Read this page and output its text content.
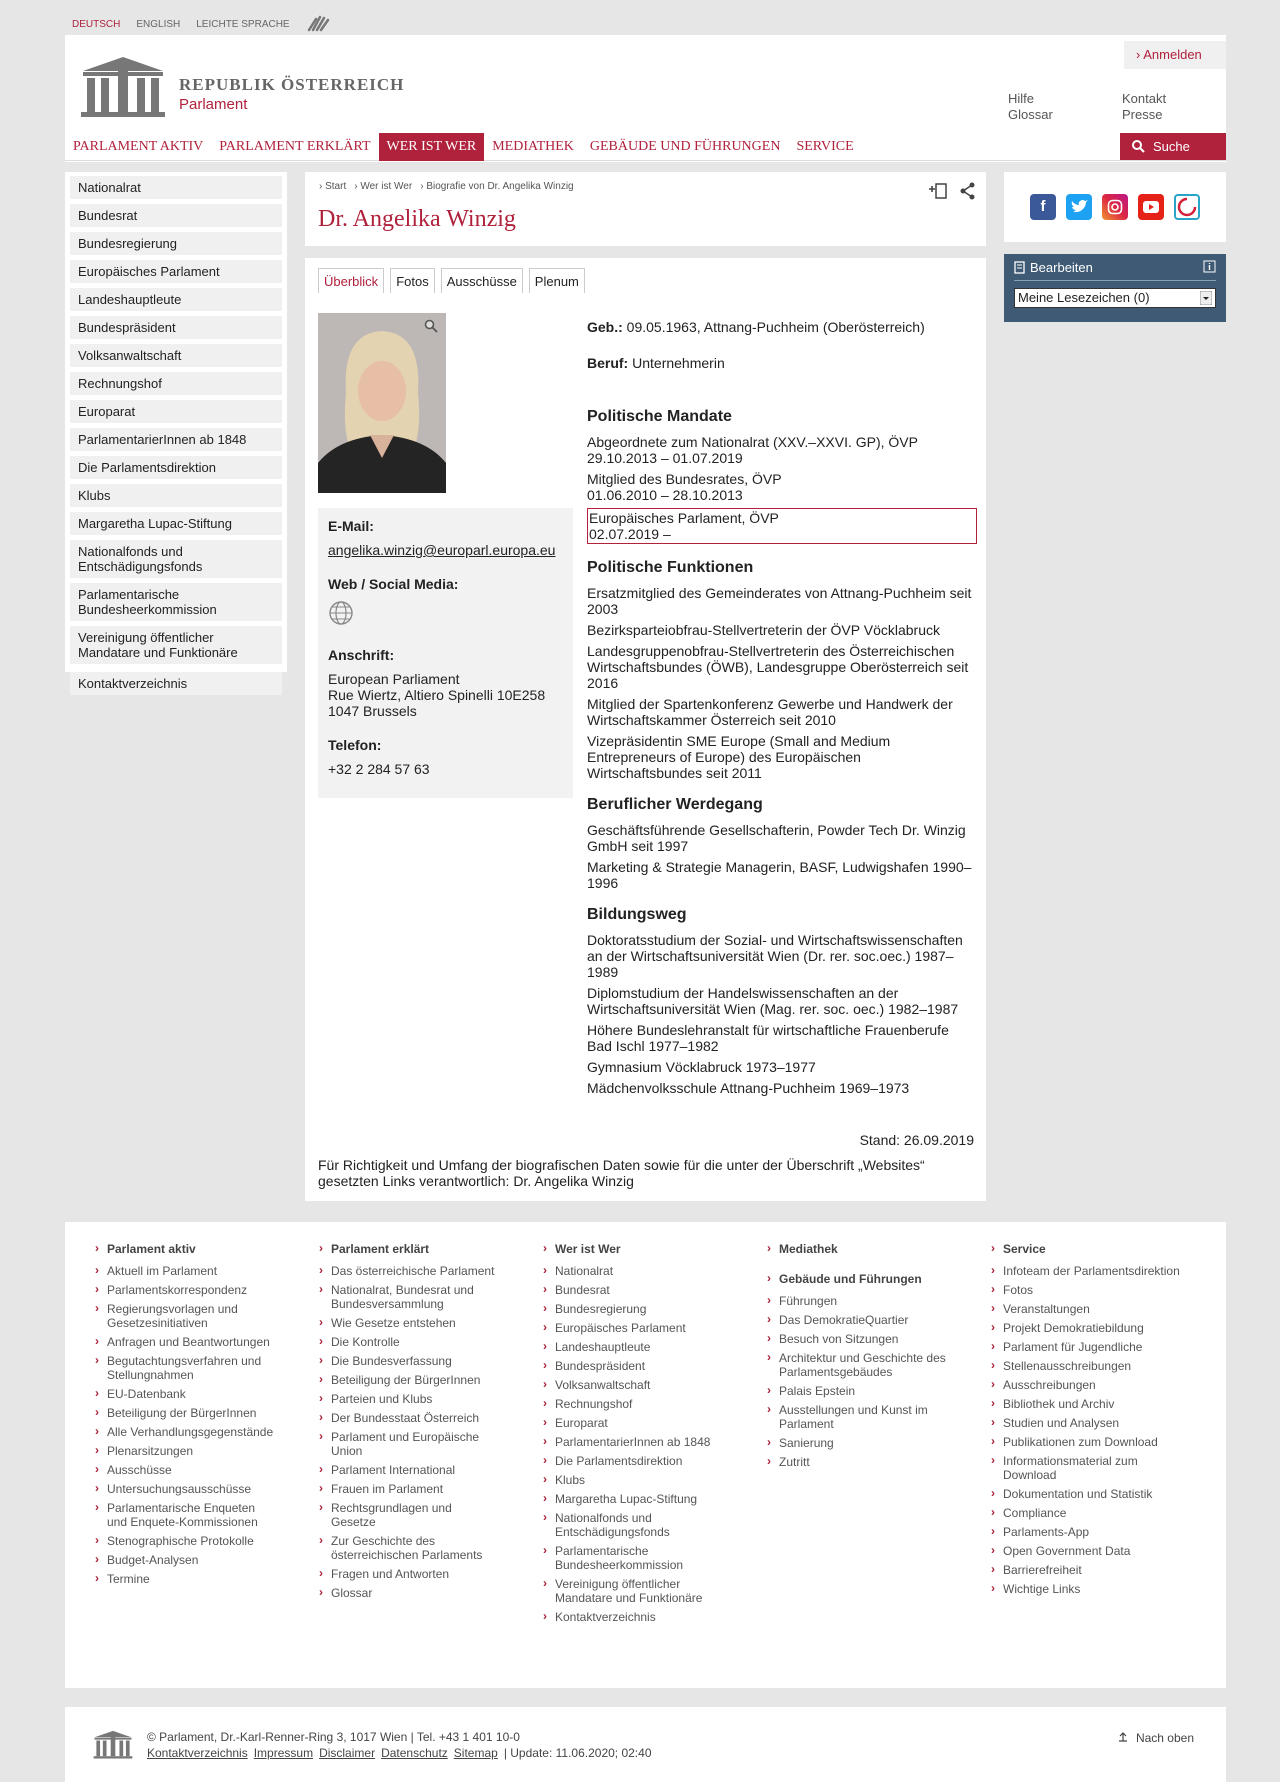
DEUTSCH ENGLISH LEICHTE SPRACHE
REPUBLIK ÖSTERREICH
Parlament
› Anmelden
Hilfe
Glossar
Kontakt
Presse
PARLAMENT AKTIV	PARLAMENT ERKLÄRT	WER IST WER	MEDIATHEK	GEBÄUDE UND FÜHRUNGEN	SERVICE	Suche
Nationalrat
Bundesrat
Bundesregierung
Europäisches Parlament
Landeshauptleute
Bundespräsident
Volksanwaltschaft
Rechnungshof
Europarat
ParlamentarierInnen ab 1848
Die Parlamentsdirektion
Klubs
Margaretha Lupac-Stiftung
Nationalfonds und Entschädigungsfonds
Parlamentarische Bundesheerkommission
Vereinigung öffentlicher Mandatare und Funktionäre
Kontaktverzeichnis
› Start › Wer ist Wer › Biografie von Dr. Angelika Winzig
Dr. Angelika Winzig
Überblick	Fotos	Ausschüsse	Plenum
E-Mail:
angelika.winzig@europarl.europa.eu
Web / Social Media:
Anschrift:
European Parliament
Rue Wiertz, Altiero Spinelli 10E258
1047 Brussels
Telefon:
+32 2 284 57 63
Geb.: 09.05.1963, Attnang-Puchheim (Oberösterreich)
Beruf: Unternehmerin
Politische Mandate
Abgeordnete zum Nationalrat (XXV.–XXVI. GP), ÖVP
29.10.2013 – 01.07.2019
Mitglied des Bundesrates, ÖVP
01.06.2010 – 28.10.2013
Europäisches Parlament, ÖVP
02.07.2019 –
Politische Funktionen
Ersatzmitglied des Gemeinderates von Attnang-Puchheim seit 2003
Bezirksparteiobfrau-Stellvertreterin der ÖVP Vöcklabruck
Landesgruppenobfrau-Stellvertreterin des Österreichischen Wirtschaftsbundes (ÖWB), Landesgruppe Oberösterreich seit 2016
Mitglied der Spartenkonferenz Gewerbe und Handwerk der Wirtschaftskammer Österreich seit 2010
Vizepräsidentin SME Europe (Small and Medium Entrepreneurs of Europe) des Europäischen Wirtschaftsbundes seit 2011
Beruflicher Werdegang
Geschäftsführende Gesellschafterin, Powder Tech Dr. Winzig GmbH seit 1997
Marketing & Strategie Managerin, BASF, Ludwigshafen 1990–1996
Bildungsweg
Doktoratsstudium der Sozial- und Wirtschaftswissenschaften an der Wirtschaftsuniversität Wien (Dr. rer. soc.oec.) 1987–1989
Diplomstudium der Handelswissenschaften an der Wirtschaftsuniversität Wien (Mag. rer. soc. oec.) 1982–1987
Höhere Bundeslehranstalt für wirtschaftliche Frauenberufe Bad Ischl 1977–1982
Gymnasium Vöcklabruck 1973–1977
Mädchenvolksschule Attnang-Puchheim 1969–1973
Stand: 26.09.2019
Für Richtigkeit und Umfang der biografischen Daten sowie für die unter der Überschrift „Websites“ gesetzten Links verantwortlich: Dr. Angelika Winzig
f
Bearbeiten
Meine Lesezeichen (0)
› Parlament aktiv
› Aktuell im Parlament
› Parlamentskorrespondenz
› Regierungsvorlagen und Gesetzesinitiativen
› Anfragen und Beantwortungen
› Begutachtungsverfahren und Stellungnahmen
› EU-Datenbank
› Beteiligung der BürgerInnen
› Alle Verhandlungsgegenstände
› Plenarsitzungen
› Ausschüsse
› Untersuchungsausschüsse
› Parlamentarische Enqueten und Enquete-Kommissionen
› Stenographische Protokolle
› Budget-Analysen
› Termine
› Parlament erklärt
› Das österreichische Parlament
› Nationalrat, Bundesrat und Bundesversammlung
› Wie Gesetze entstehen
› Die Kontrolle
› Die Bundesverfassung
› Beteiligung der BürgerInnen
› Parteien und Klubs
› Der Bundesstaat Österreich
› Parlament und Europäische Union
› Parlament International
› Frauen im Parlament
› Rechtsgrundlagen und Gesetze
› Zur Geschichte des österreichischen Parlaments
› Fragen und Antworten
› Glossar
› Wer ist Wer
› Nationalrat
› Bundesrat
› Bundesregierung
› Europäisches Parlament
› Landeshauptleute
› Bundespräsident
› Volksanwaltschaft
› Rechnungshof
› Europarat
› ParlamentarierInnen ab 1848
› Die Parlamentsdirektion
› Klubs
› Margaretha Lupac-Stiftung
› Nationalfonds und Entschädigungsfonds
› Parlamentarische Bundesheerkommission
› Vereinigung öffentlicher Mandatare und Funktionäre
› Kontaktverzeichnis
› Mediathek
› Gebäude und Führungen
› Führungen
› Das DemokratieQuartier
› Besuch von Sitzungen
› Architektur und Geschichte des Parlamentsgebäudes
› Palais Epstein
› Ausstellungen und Kunst im Parlament
› Sanierung
› Zutritt
› Service
› Infoteam der Parlamentsdirektion
› Fotos
› Veranstaltungen
› Projekt Demokratiebildung
› Parlament für Jugendliche
› Stellenausschreibungen
› Ausschreibungen
› Bibliothek und Archiv
› Studien und Analysen
› Publikationen zum Download
› Informationsmaterial zum Download
› Dokumentation und Statistik
› Compliance
› Parlaments-App
› Open Government Data
› Barrierefreiheit
› Wichtige Links
© Parlament, Dr.-Karl-Renner-Ring 3, 1017 Wien | Tel. +43 1 401 10-0
Kontaktverzeichnis Impressum Disclaimer Datenschutz Sitemap | Update: 11.06.2020; 02:40
Nach oben
